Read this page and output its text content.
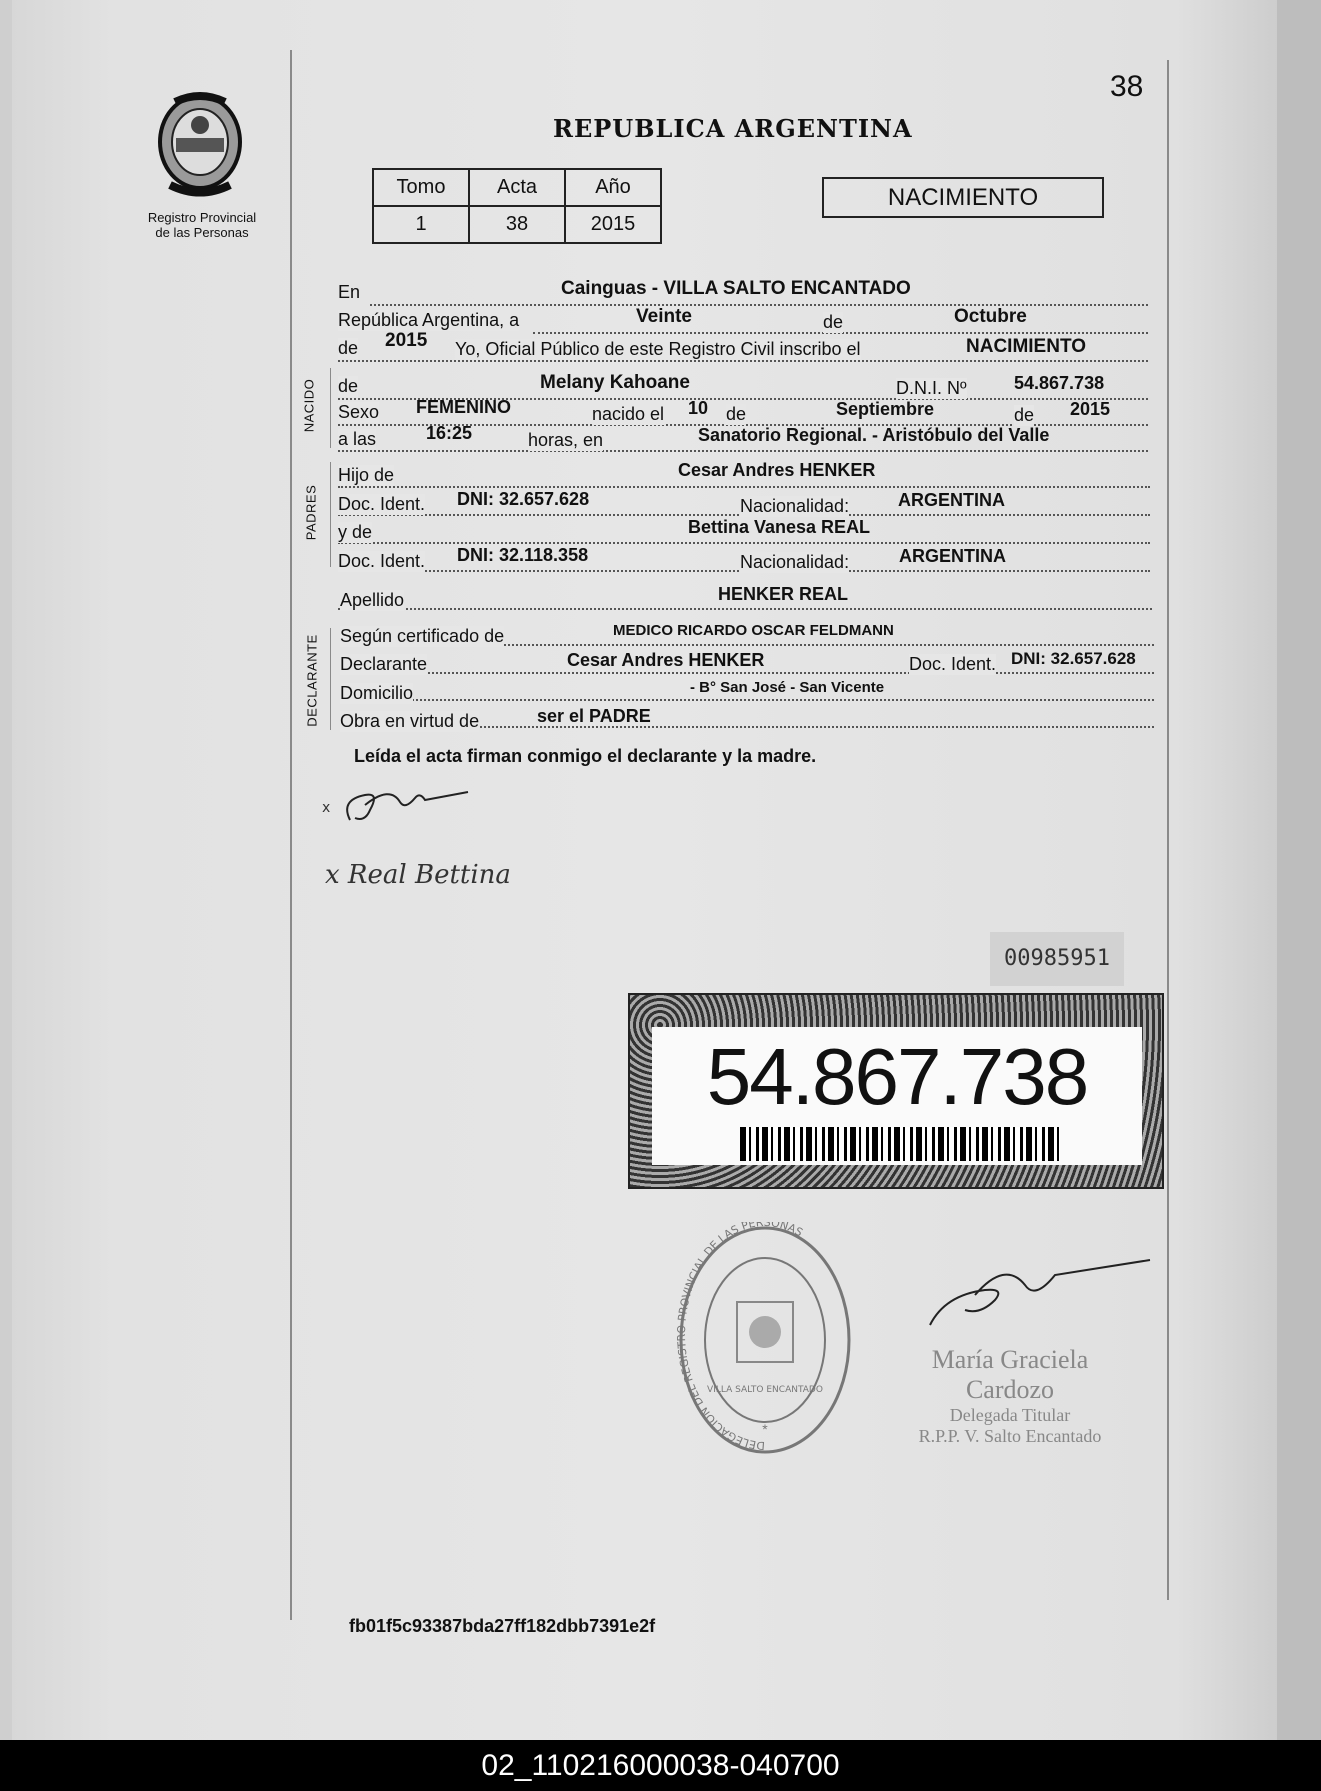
38
Registro Provincial
de las Personas
REPUBLICA ARGENTINA
Tomo	Acta	Año
1	38	2015
NACIMIENTO
En	Cainguas - VILLA SALTO ENCANTADO
República Argentina, a	Veinte	de	Octubre
de 2015 Yo, Oficial Público de este Registro Civil inscribo el	NACIMIENTO
NACIDO de	Melany Kahoane	D.N.I. Nº	54.867.738
Sexo FEMENINO	nacido el 10 de	Septiembre	de 2015
a las	16:25	horas, en	Sanatorio Regional. - Aristóbulo del Valle
PADRES
Hijo de	Cesar Andres HENKER
Doc. Ident. DNI: 32.657.628	Nacionalidad:	ARGENTINA
y de	Bettina Vanesa REAL
Doc. Ident. DNI: 32.118.358	Nacionalidad:	ARGENTINA
Apellido	HENKER REAL
DECLARANTE Según certificado de	MEDICO RICARDO OSCAR FELDMANN
Declarante	Cesar Andres HENKER	Doc. Ident. DNI: 32.657.628
Domicilio	- B° San José - San Vicente
Obra en virtud de	ser el PADRE
Leída el acta firman conmigo el declarante y la madre.
x
x Real Bettina
00985951
54.867.738
DELEGACION DEL REGISTRO PROVINCIAL DE LAS PERSONAS
VILLA SALTO ENCANTADO
*
María Graciela Cardozo
Delegada Titular
R.P.P. V. Salto Encantado
fb01f5c93387bda27ff182dbb7391e2f
02_110216000038-040700
